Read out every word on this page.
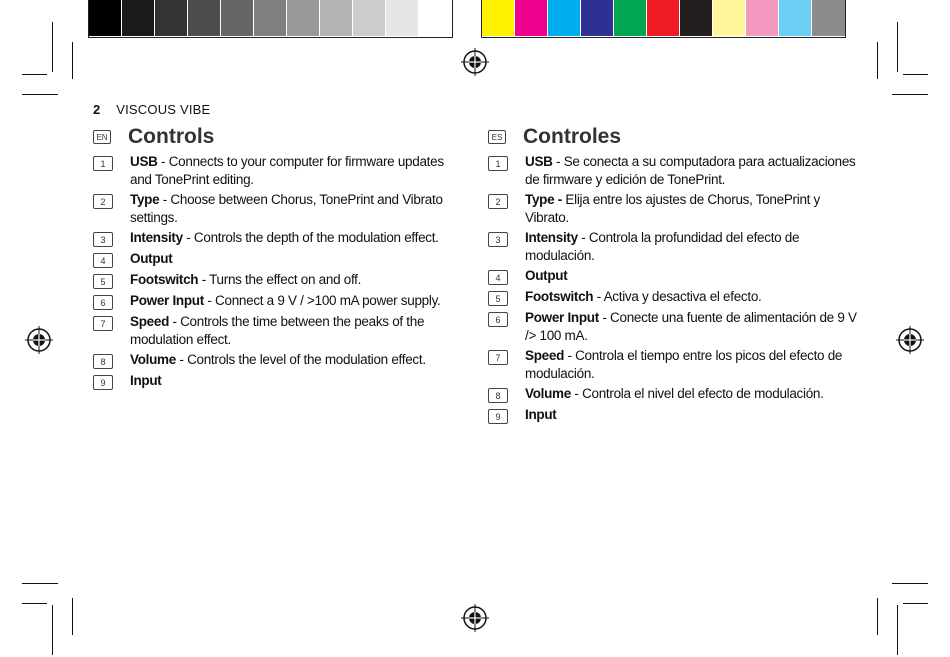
2 VISCOUS VIBE
EN Controls
1	USB - Connects to your computer for firmware updates and TonePrint editing.
2	Type - Choose between Chorus, TonePrint and Vibrato settings.
3	Intensity - Controls the depth of the modulation effect.
4	Output
5	Footswitch - Turns the effect on and off.
6	Power Input - Connect a 9 V / >100 mA power supply.
7	Speed - Controls the time between the peaks of the modulation effect.
8	Volume - Controls the level of the modulation effect.
9	Input
ES Controles
1	USB - Se conecta a su computadora para actualizaciones de firmware y edición de TonePrint.
2	Type - Elija entre los ajustes de Chorus, TonePrint y Vibrato.
3	Intensity - Controla la profundidad del efecto de modulación.
4	Output
5	Footswitch - Activa y desactiva el efecto.
6	Power Input - Conecte una fuente de alimentación de 9 V /> 100 mA.
7	Speed - Controla el tiempo entre los picos del efecto de modulación.
8	Volume - Controla el nivel del efecto de modulación.
9	Input
